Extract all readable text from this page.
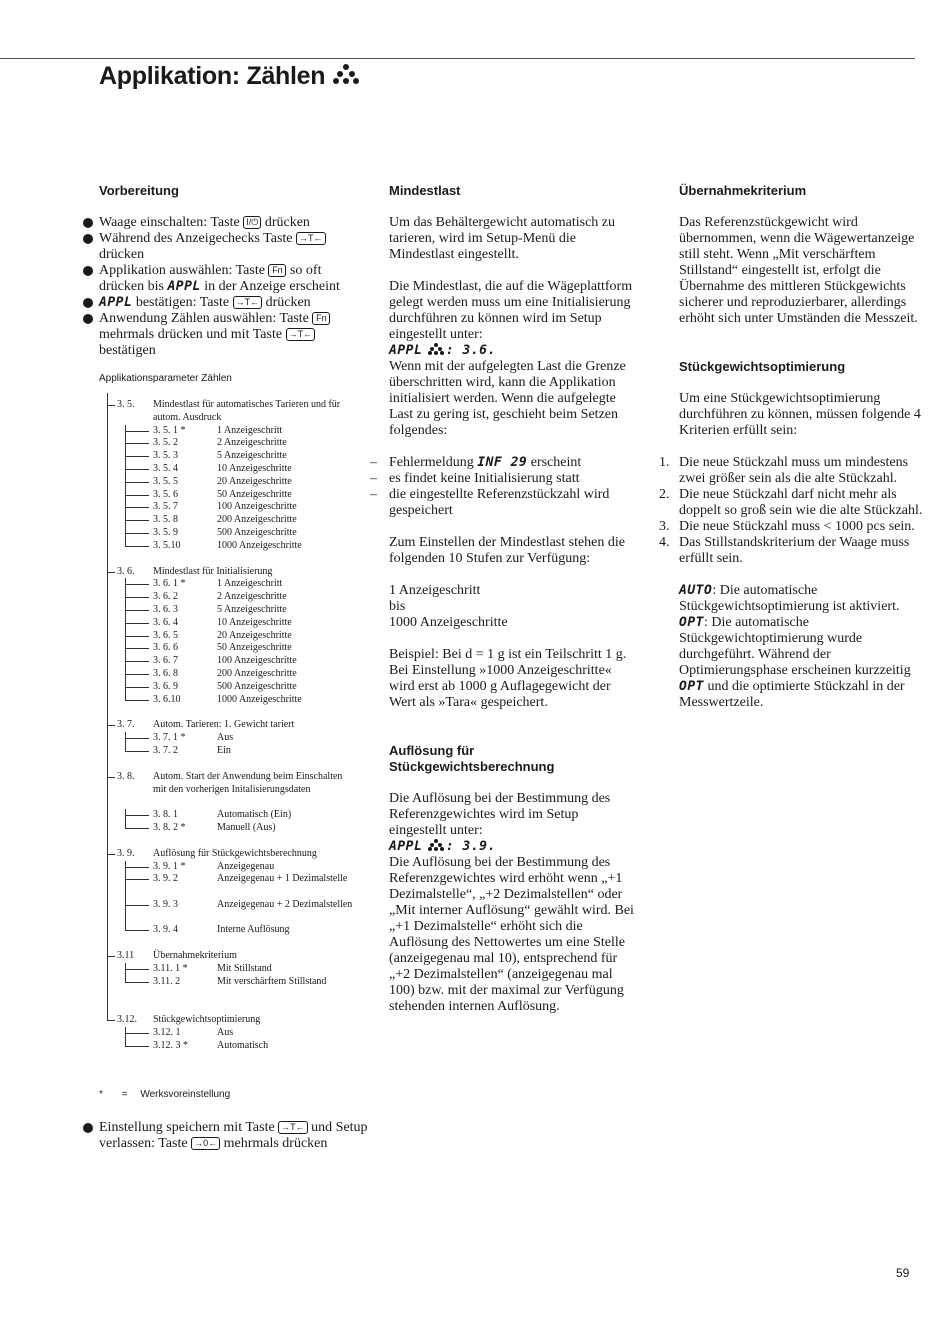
Applikation: Zählen
Vorbereitung
Waage einschalten: Taste I/⏻ drücken
Während des Anzeigechecks Taste →T← drücken
Applikation auswählen: Taste Fn so oft drücken bis APPL in der Anzeige erscheint
APPL bestätigen: Taste →T← drücken
Anwendung Zählen auswählen: Taste Fn mehrmals drücken und mit Taste →T← bestätigen
Applikationsparameter Zählen
3. 5. Mindestlast für automatisches Tarieren und für autom. Ausdruck
3. 5. 1 *	1 Anzeigeschritt
3. 5. 2	2 Anzeigeschritte
3. 5. 3	5 Anzeigeschritte
3. 5. 4	10 Anzeigeschritte
3. 5. 5	20 Anzeigeschritte
3. 5. 6	50 Anzeigeschritte
3. 5. 7	100 Anzeigeschritte
3. 5. 8	200 Anzeigeschritte
3. 5. 9	500 Anzeigeschritte
3. 5.10	1000 Anzeigeschritte
3. 6. Mindestlast für Initialisierung
3. 6. 1 *	1 Anzeigeschritt
3. 6. 2	2 Anzeigeschritte
3. 6. 3	5 Anzeigeschritte
3. 6. 4	10 Anzeigeschritte
3. 6. 5	20 Anzeigeschritte
3. 6. 6	50 Anzeigeschritte
3. 6. 7	100 Anzeigeschritte
3. 6. 8	200 Anzeigeschritte
3. 6. 9	500 Anzeigeschritte
3. 6.10	1000 Anzeigeschritte
3. 7. Autom. Tarieren: 1. Gewicht tariert
3. 7. 1 *	Aus
3. 7. 2	Ein
3. 8. Autom. Start der Anwendung beim Einschalten mit den vorherigen Initalisierungsdaten
3. 8. 1	Automatisch (Ein)
3. 8. 2 *	Manuell (Aus)
3. 9. Auflösung für Stückgewichtsberechnung
3. 9. 1 *	Anzeigegenau
3. 9. 2	Anzeigegenau + 1 Dezimalstelle
3. 9. 3	Anzeigegenau + 2 Dezimalstellen
3. 9. 4	Interne Auflösung
3.11 Übernahmekriterium
3.11. 1 *	Mit Stillstand
3.11. 2	Mit verschärftem Stillstand
3.12. Stückgewichtsoptimierung
3.12. 1	Aus
3.12. 3 *	Automatisch
* = Werksvoreinstellung
Einstellung speichern mit Taste →T← und Setup verlassen: Taste →0← mehrmals drücken
Mindestlast

Um das Behältergewicht automatisch zu tarieren, wird im Setup-Menü die Mindestlast eingestellt.

Die Mindestlast, die auf die Wägeplattform gelegt werden muss um eine Initialisierung durchführen zu können wird im Setup eingestellt unter:

APPL : 3.6.

Wenn mit der aufgelegten Last die Grenze überschritten wird, kann die Applikation initialisiert werden. Wenn die aufgelegte Last zu gering ist, geschieht beim Setzen folgendes:

– Fehlermeldung INF 29 erscheint
– es findet keine Initialisierung statt
– die eingestellte Referenzstückzahl wird gespeichert

Zum Einstellen der Mindestlast stehen die folgenden 10 Stufen zur Verfügung:

1 Anzeigeschritt
bis
1000 Anzeigeschritte

Beispiel: Bei d = 1 g ist ein Teilschritt 1 g. Bei Einstellung »1000 Anzeigeschritte« wird erst ab 1000 g Auflagegewicht der Wert als »Tara« gespeichert.

Auflösung für Stückgewichtsberechnung

Die Auflösung bei der Bestimmung des Referenzgewichtes wird im Setup eingestellt unter:

APPL : 3.9.

Die Auflösung bei der Bestimmung des Referenzgewichtes wird erhöht wenn „+1 Dezimalstelle“, „+2 Dezimalstellen“ oder „Mit interner Auflösung“ gewählt wird. Bei „+1 Dezimalstelle“ erhöht sich die Auflösung des Nettowertes um eine Stelle (anzeigegenau mal 10), entsprechend für „+2 Dezimalstellen“ (anzeigegenau mal 100) bzw. mit der maximal zur Verfügung stehenden internen Auflösung.

Übernahmekriterium

Das Referenzstückgewicht wird übernommen, wenn die Wägewertanzeige still steht. Wenn „Mit verschärftem Stillstand“ eingestellt ist, erfolgt die Übernahme des mittleren Stückgewichts sicherer und reproduzierbarer, allerdings erhöht sich unter Umständen die Messzeit.

Stückgewichtsoptimierung

Um eine Stückgewichtsoptimierung durchführen zu können, müssen folgende 4 Kriterien erfüllt sein:

1. Die neue Stückzahl muss um mindestens zwei größer sein als die alte Stückzahl.
2. Die neue Stückzahl darf nicht mehr als doppelt so groß sein wie die alte Stückzahl.
3. Die neue Stückzahl muss < 1000 pcs sein.
4. Das Stillstandskriterium der Waage muss erfüllt sein.
AUTO: Die automatische Stückgewichtsoptimierung ist aktiviert.
OPT: Die automatische Stückgewichtoptimierung wurde durchgeführt. Während der Optimierungsphase erscheinen kurzzeitig OPT und die optimierte Stückzahl in der Messwertzeile.
59
